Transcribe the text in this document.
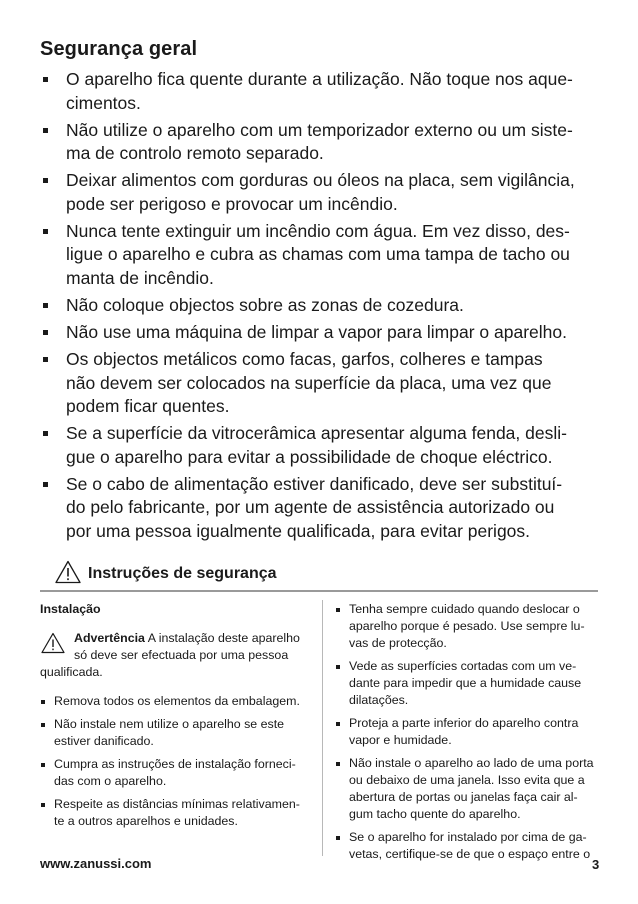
Segurança geral
O aparelho fica quente durante a utilização. Não toque nos aque-
cimentos.
Não utilize o aparelho com um temporizador externo ou um siste-
ma de controlo remoto separado.
Deixar alimentos com gorduras ou óleos na placa, sem vigilância,
pode ser perigoso e provocar um incêndio.
Nunca tente extinguir um incêndio com água. Em vez disso, des-
ligue o aparelho e cubra as chamas com uma tampa de tacho ou
manta de incêndio.
Não coloque objectos sobre as zonas de cozedura.
Não use uma máquina de limpar a vapor para limpar o aparelho.
Os objectos metálicos como facas, garfos, colheres e tampas
não devem ser colocados na superfície da placa, uma vez que
podem ficar quentes.
Se a superfície da vitrocerâmica apresentar alguma fenda, desli-
gue o aparelho para evitar a possibilidade de choque eléctrico.
Se o cabo de alimentação estiver danificado, deve ser substituí-
do pelo fabricante, por um agente de assistência autorizado ou
por uma pessoa igualmente qualificada, para evitar perigos.
Instruções de segurança
Instalação
Advertência A instalação deste aparelho
só deve ser efectuada por uma pessoa
qualificada.
Remova todos os elementos da embalagem.
Não instale nem utilize o aparelho se este
estiver danificado.
Cumpra as instruções de instalação forneci-
das com o aparelho.
Respeite as distâncias mínimas relativamen-
te a outros aparelhos e unidades.
Tenha sempre cuidado quando deslocar o
aparelho porque é pesado. Use sempre lu-
vas de protecção.
Vede as superfícies cortadas com um ve-
dante para impedir que a humidade cause
dilatações.
Proteja a parte inferior do aparelho contra
vapor e humidade.
Não instale o aparelho ao lado de uma porta
ou debaixo de uma janela. Isso evita que a
abertura de portas ou janelas faça cair al-
gum tacho quente do aparelho.
Se o aparelho for instalado por cima de ga-
vetas, certifique-se de que o espaço entre o
www.zanussi.com	3
